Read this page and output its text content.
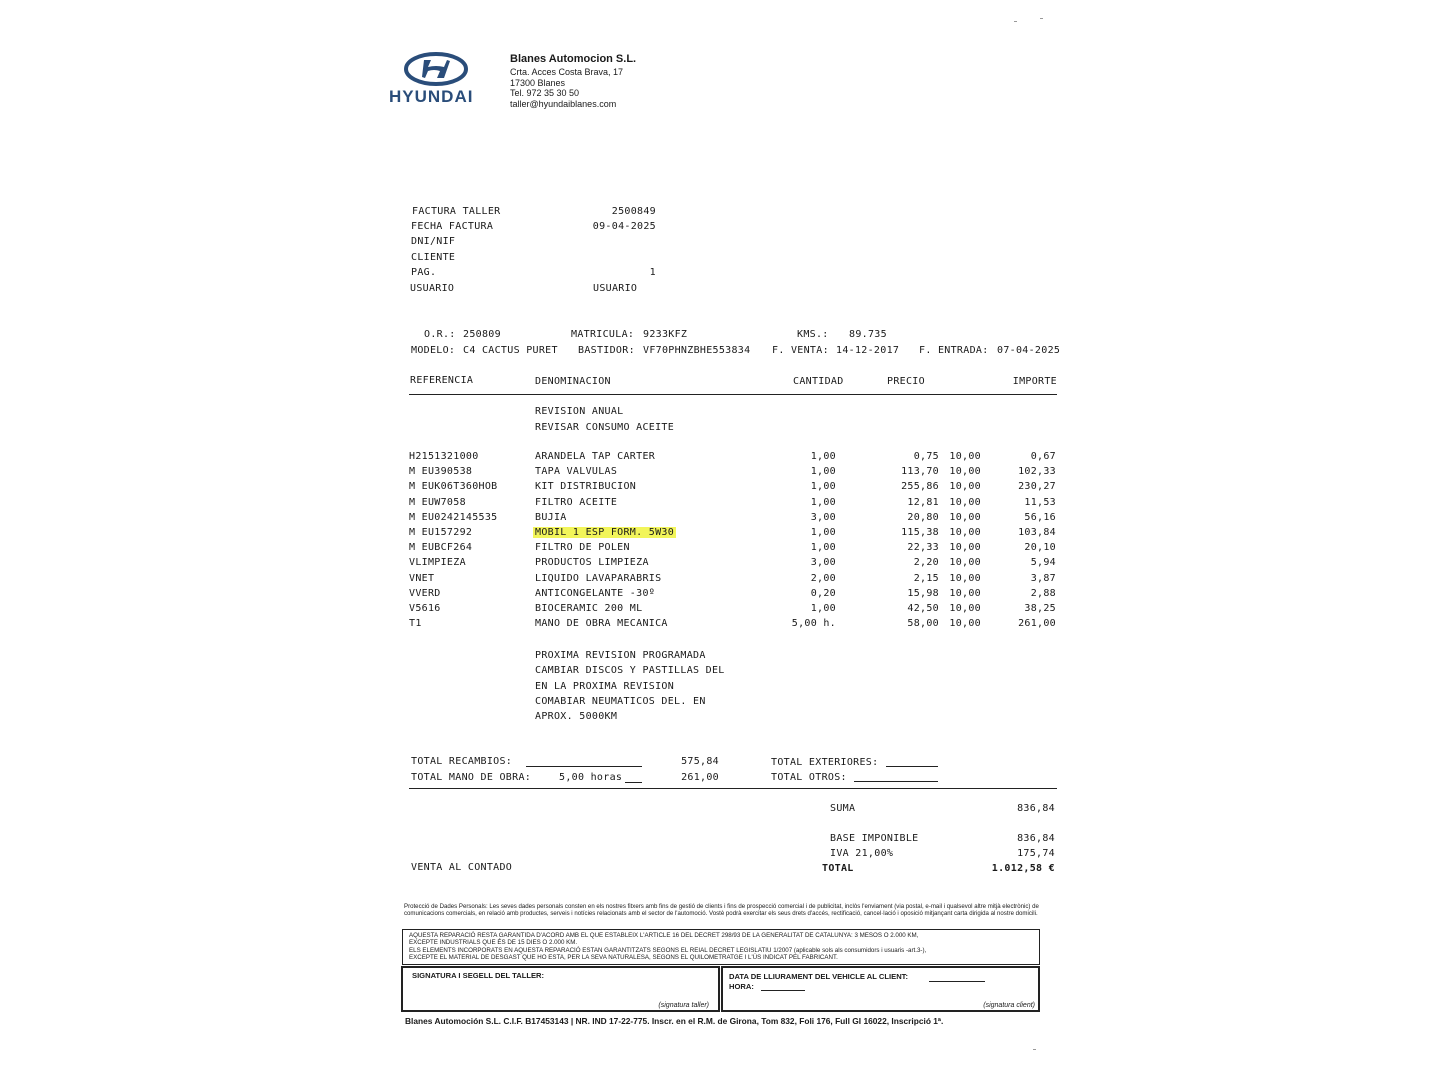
HYUNDAI
Blanes Automocion S.L.
Crta. Acces Costa Brava, 17
17300 Blanes
Tel. 972 35 30 50
taller@hyundaiblanes.com
FACTURA TALLER	2500849
FECHA FACTURA	09-04-2025
DNI/NIF
CLIENTE
PAG.	1
USUARIO	USUARIO
O.R.: 250809	MATRICULA: 9233KFZ	KMS.: 89.735
MODELO: C4 CACTUS PURET BASTIDOR: VF70PHNZBHE553834 F. VENTA: 14-12-2017 F. ENTRADA: 07-04-2025
REFERENCIA	DENOMINACION	CANTIDAD	PRECIO	IMPORTE
REVISION ANUAL
REVISAR CONSUMO ACEITE
H2151321000	ARANDELA TAP CARTER	1,00	0,75	10,00	0,67
M EU390538	TAPA VALVULAS	1,00	113,70	10,00	102,33
M EUK06T360HOB	KIT DISTRIBUCION	1,00	255,86	10,00	230,27
M EUW7058	FILTRO ACEITE	1,00	12,81	10,00	11,53
M EU0242145535	BUJIA	3,00	20,80	10,00	56,16
M EU157292	MOBIL 1 ESP FORM. 5W30	1,00	115,38	10,00	103,84
M EUBCF264	FILTRO DE POLEN	1,00	22,33	10,00	20,10
VLIMPIEZA	PRODUCTOS LIMPIEZA	3,00	2,20	10,00	5,94
VNET	LIQUIDO LAVAPARABRIS	2,00	2,15	10,00	3,87
VVERD	ANTICONGELANTE -30º	0,20	15,98	10,00	2,88
V5616	BIOCERAMIC 200 ML	1,00	42,50	10,00	38,25
T1	MANO DE OBRA MECANICA	5,00 h.	58,00	10,00	261,00
PROXIMA REVISION PROGRAMADA
CAMBIAR DISCOS Y PASTILLAS DEL
EN LA PROXIMA REVISION
COMABIAR NEUMATICOS DEL. EN
APROX. 5000KM
TOTAL RECAMBIOS:	575,84
TOTAL MANO DE OBRA:	5,00 horas	261,00
TOTAL EXTERIORES:
TOTAL OTROS:
SUMA	836,84
BASE IMPONIBLE	836,84
IVA 21,00%	175,74
TOTAL	1.012,58 €
VENTA AL CONTADO
Protecció de Dades Personals: Les seves dades personals consten en els nostres fitxers amb fins de gestió de clients i fins de prospecció comercial i de publicitat, inclòs l'enviament (via postal, e-mail i qualsevol altre mitjà electrònic) de comunicacions comercials, en relació amb productes, serveis i notícies relacionats amb el sector de l'automoció. Vostè podrà exercitar els seus drets d'accés, rectificació, cancel·lació i oposició mitjançant carta dirigida al nostre domicili.
AQUESTA REPARACIÓ RESTA GARANTIDA D'ACORD AMB EL QUE ESTABLEIX L'ARTICLE 16 DEL DECRET 298/93 DE LA GENERALITAT DE CATALUNYA: 3 MESOS O 2.000 KM,
EXCEPTE INDUSTRIALS QUE ÉS DE 15 DIES O 2.000 KM.
ELS ELEMENTS INCORPORATS EN AQUESTA REPARACIÓ ESTAN GARANTITZATS SEGONS EL REIAL DECRET LEGISLATIU 1/2007 (aplicable sols als consumidors i usuaris -art.3-),
EXCEPTE EL MATERIAL DE DESGAST QUE HO ESTA, PER LA SEVA NATURALESA, SEGONS EL QUILOMETRATGE I L'ÚS INDICAT PEL FABRICANT.
SIGNATURA I SEGELL DEL TALLER:
(signatura taller)
DATA DE LLIURAMENT DEL VEHICLE AL CLIENT:
HORA:
(signatura client)
Blanes Automoción S.L. C.I.F. B17453143 | NR. IND 17-22-775. Inscr. en el R.M. de Girona, Tom 832, Foli 176, Full GI 16022, Inscripció 1ª.
